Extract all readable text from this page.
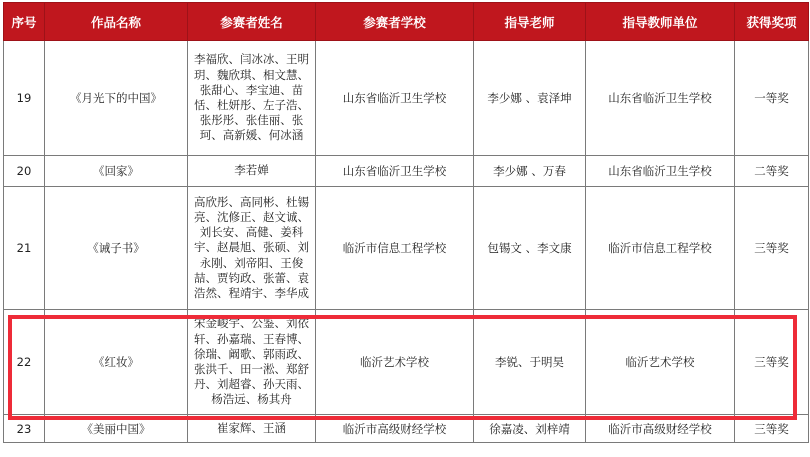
序号	作品名称	参赛者姓名	参赛者学校	指导老师	指导教师单位	获得奖项
19	《月光下的中国》	李福欣、闫冰冰、王明玥、魏欣琪、相文慧、张甜心、李宝迪、苗恬、杜妍彤、左子浩、张彤彤、张佳丽、张珂、高新媛、何冰涵	山东省临沂卫生学校	李少娜 、袁泽坤	山东省临沂卫生学校	一等奖
20	《回家》	李若婵	山东省临沂卫生学校	李少娜 、万春	山东省临沂卫生学校	二等奖
21	《诫子书》	高欣彤、高同彬、杜锡亮、沈修正、赵文诚、刘长安、高健、姜科宇、赵晨旭、张硕、刘永刚、刘帝阳、王俊喆、贾钧政、张蕾、袁浩然、程靖宇、李华成	临沂市信息工程学校	包锡文 、李文康	临沂市信息工程学校	三等奖
22	《红妆》	宋金峻宇、公鉴、刘依轩、孙嘉瑞、王春博、徐瑞、阚歌、郭雨政、张洪千、田一淞、郑舒丹、刘超睿、孙天雨、杨浩远、杨其舟	临沂艺术学校	李锐、于明昊	临沂艺术学校	三等奖
23	《美丽中国》	崔家辉、王涵	临沂市高级财经学校	徐嘉凌、刘梓靖	临沂市高级财经学校	三等奖
